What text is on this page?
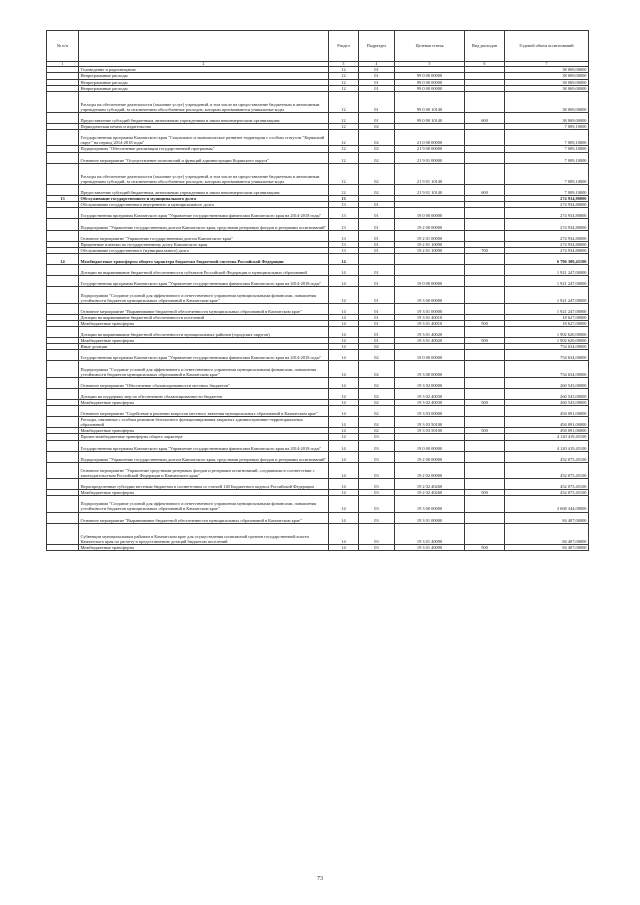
№ п/п		Раздел	Подраздел	Целевая статья	Вид расходов	Годовой объем ассигнований
1	2	3	4	5	6	7
	Телевидение и радиовещание	12	01			38 069,00000
	Непрограммные расходы	12	01	99 0 00 00000		38 069,00000
	Непрограммные расходы	12	01	99 0 00 00000		38 069,00000
	Непрограммные расходы	12	01	99 0 00 00000		38 069,00000
	Расходы на обеспечение деятельности (оказание услуг) учреждений, в том числе на предоставление бюджетным и автономным учреждениям субсидий, за исключением обособленных расходов, которым присваиваются уникальные коды	12	01	99 0 00 10140		38 069,00000
	Предоставление субсидий бюджетным, автономным учреждениям и иным некоммерческим организациям	12	01	99 0 00 10140	600	38 069,00000
	Периодическая печать и издательства	12	02			7 009,10000
	Государственная программа Камчатского края "Социальное и экономическое развитие территории с особым статусом "Корякский округ" на период 2014-2018 годы"	12	02	21 0 00 00000		7 009,10000
	Подпрограмма "Обеспечение реализации государственной программы"	12	02	21 9 00 00000		7 009,10000
	Основное мероприятие "Осуществление полномочий и функций администрации Корякского округа"	12	02	21 9 01 00000		7 009,10000
	Расходы на обеспечение деятельности (оказание услуг) учреждений, в том числе на предоставление бюджетным и автономным учреждениям субсидий, за исключением обособленных расходов, которым присваиваются уникальные коды	12	02	21 9 01 10140		7 009,10000
	Предоставление субсидий бюджетным, автономным учреждениям и иным некоммерческим организациям	12	02	21 9 01 10140	600	7 009,10000
13	Обслуживание государственного и муниципального долга	13				274 934,80000
	Обслуживание государственного внутреннего и муниципального долга	13	01			274 934,80000
	Государственная программа Камчатского края "Управление государственными финансами Камчатского края на 2014-2018 годы"	13	01	19 0 00 00000		274 934,80000
	Подпрограмма "Управление государственным долгом Камчатского края, средствами резервных фондов и резервами ассигнований"	13	01	19 2 00 00000		274 934,80000
	Основное мероприятие "Управление государственным долгом Камчатского края"	13	01	19 2 01 00000		274 934,80000
	Процентные платежи по государственному долгу Камчатского края	13	01	19 2 01 10090		274 934,80000
	Обслуживание государственного (муниципального) долга	13	01	19 2 01 10090	700	274 934,80000
14	Межбюджетные трансферты общего характера бюджетам бюджетной системы Российской Федерации	14				6 796 300,45100
	Дотации на выравнивание бюджетной обеспеченности субъектов Российской Федерации и муниципальных образований	14	01			1 921 247,00000
	Государственная программа Камчатского края "Управление государственными финансами Камчатского края на 2014-2018 годы"	14	01	19 0 00 00000		1 921 247,00000
	Подпрограмма "Создание условий для эффективного и ответственного управления муниципальными финансами, повышения устойчивости бюджетов муниципальных образований в Камчатском крае"	14	01	19 3 00 00000		1 921 247,00000
	Основное мероприятие "Выравнивание бюджетной обеспеченности муниципальных образований в Камчатском крае"	14	01	19 3 01 00000		1 921 247,00000
	Дотации на выравнивание бюджетной обеспеченности поселений	14	01	19 3 01 40010		18 627,00000
	Межбюджетные трансферты	14	01	19 3 01 40010	500	18 627,00000
	Дотации на выравнивание бюджетной обеспеченности муниципальных районов (городских округов)	14	01	19 3 01 40020		1 902 620,00000
	Межбюджетные трансферты	14	01	19 3 01 40020	500	1 902 620,00000
	Иные дотации	14	02			754 634,00000
	Государственная программа Камчатского края "Управление государственными финансами Камчатского края на 2014-2018 годы"	14	02	19 0 00 00000		754 634,00000
	Подпрограмма "Создание условий для эффективного и ответственного управления муниципальными финансами, повышения устойчивости бюджетов муниципальных образований в Камчатском крае"	14	02	19 3 00 00000		754 634,00000
	Основное мероприятие "Обеспечение сбалансированности местных бюджетов"	14	02	19 3 02 00000		260 543,00000
	Дотации на поддержку мер по обеспечению сбалансированности бюджетов	14	02	19 3 02 40030		260 543,00000
	Межбюджетные трансферты	14	02	19 3 02 40030	500	260 543,00000
	Основное мероприятие "Содействие в решении вопросов местного значения муниципальных образований в Камчатском крае"	14	02	19 3 03 00000		494 091,00000
	Расходы, связанные с особым режимом безопасного функционирования закрытых административно-территориальных образований	14	02	19 3 03 50100		494 091,00000
	Межбюджетные трансферты	14	02	19 3 03 50100	500	494 091,00000
	Прочие межбюджетные трансферты общего характера	14	03			4 120 419,45100
	Государственная программа Камчатского края "Управление государственными финансами Камчатского края на 2014-2018 годы"	14	03	19 0 00 00000		4 120 419,45100
	Подпрограмма "Управление государственным долгом Камчатского края, средствами резервных фондов и резервами ассигнований"	14	03	19 2 00 00000		452 075,45100
	Основное мероприятие "Управление средствами резервных фондов и резервами ассигнований, созданными в соответствии с законодательством Российской Федерации и Камчатского края"	14	03	19 2 02 00000		452 075,45100
	Нераспределенные субсидии местным бюджетам в соответствии со статьей 140 Бюджетного кодекса Российской Федерации	14	03	19 2 02 40260		452 075,45100
	Межбюджетные трансферты	14	03	19 2 02 40260	500	452 075,45100
	Подпрограмма "Создание условий для эффективного и ответственного управления муниципальными финансами, повышения устойчивости бюджетов муниципальных образований в Камчатском крае"	14	03	19 3 00 00000		3 668 344,00000
	Основное мероприятие "Выравнивание бюджетной обеспеченности муниципальных образований в Камчатском крае"	14	03	19 3 01 00000		84 407,00000
	Субвенции муниципальным районам в Камчатском крае для осуществления полномочий органов государственной власти Камчатского края по расчету и предоставлению дотаций бюджетам поселений	14	03	19 3 01 40090		84 407,00000
	Межбюджетные трансферты	14	03	19 3 01 40090	500	84 407,00000
73
